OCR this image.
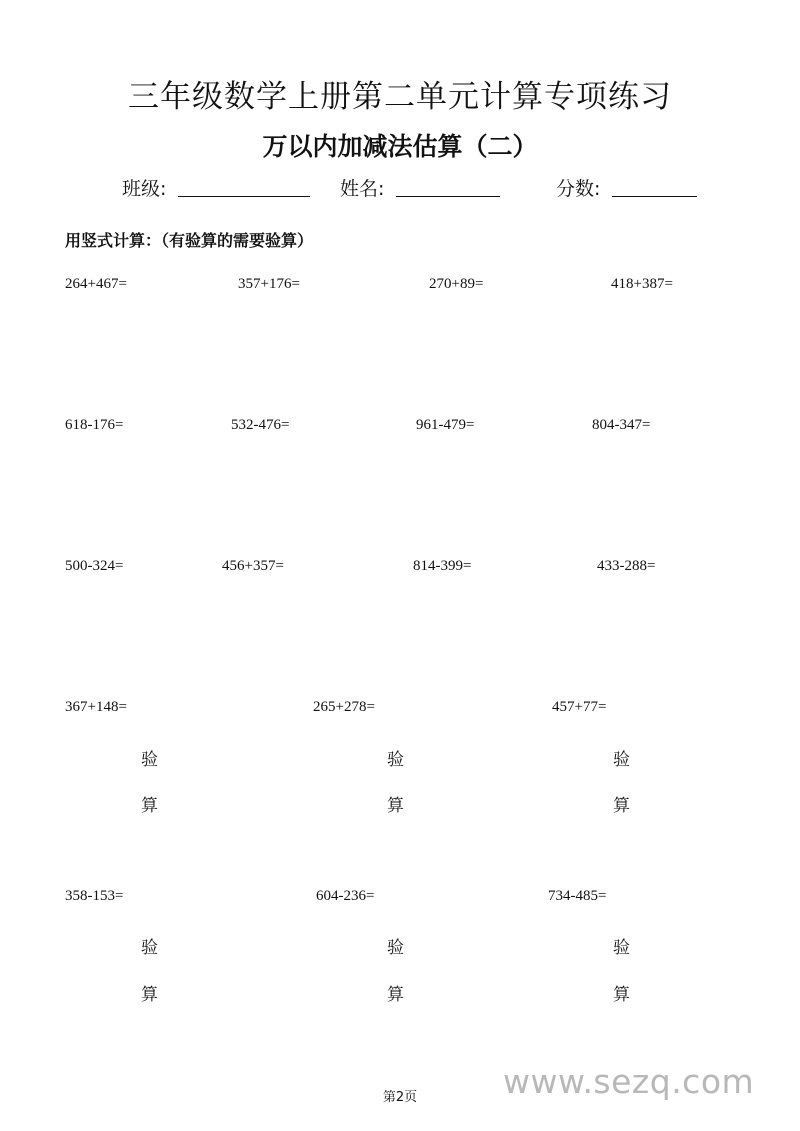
三年级数学上册第二单元计算专项练习
万以内加减法估算（二）
班级:	姓名:	分数:
用竖式计算：（有验算的需要验算）
264+467=	357+176=	270+89=	418+387=
618-176=	532-476=	961-479=	804-347=
500-324=	456+357=	814-399=	433-288=
367+148=	265+278=	457+77=
验
算
验
算
验
算
358-153=	604-236=	734-485=
验
算
验
算
验
算
www.sezq.com
第2页
